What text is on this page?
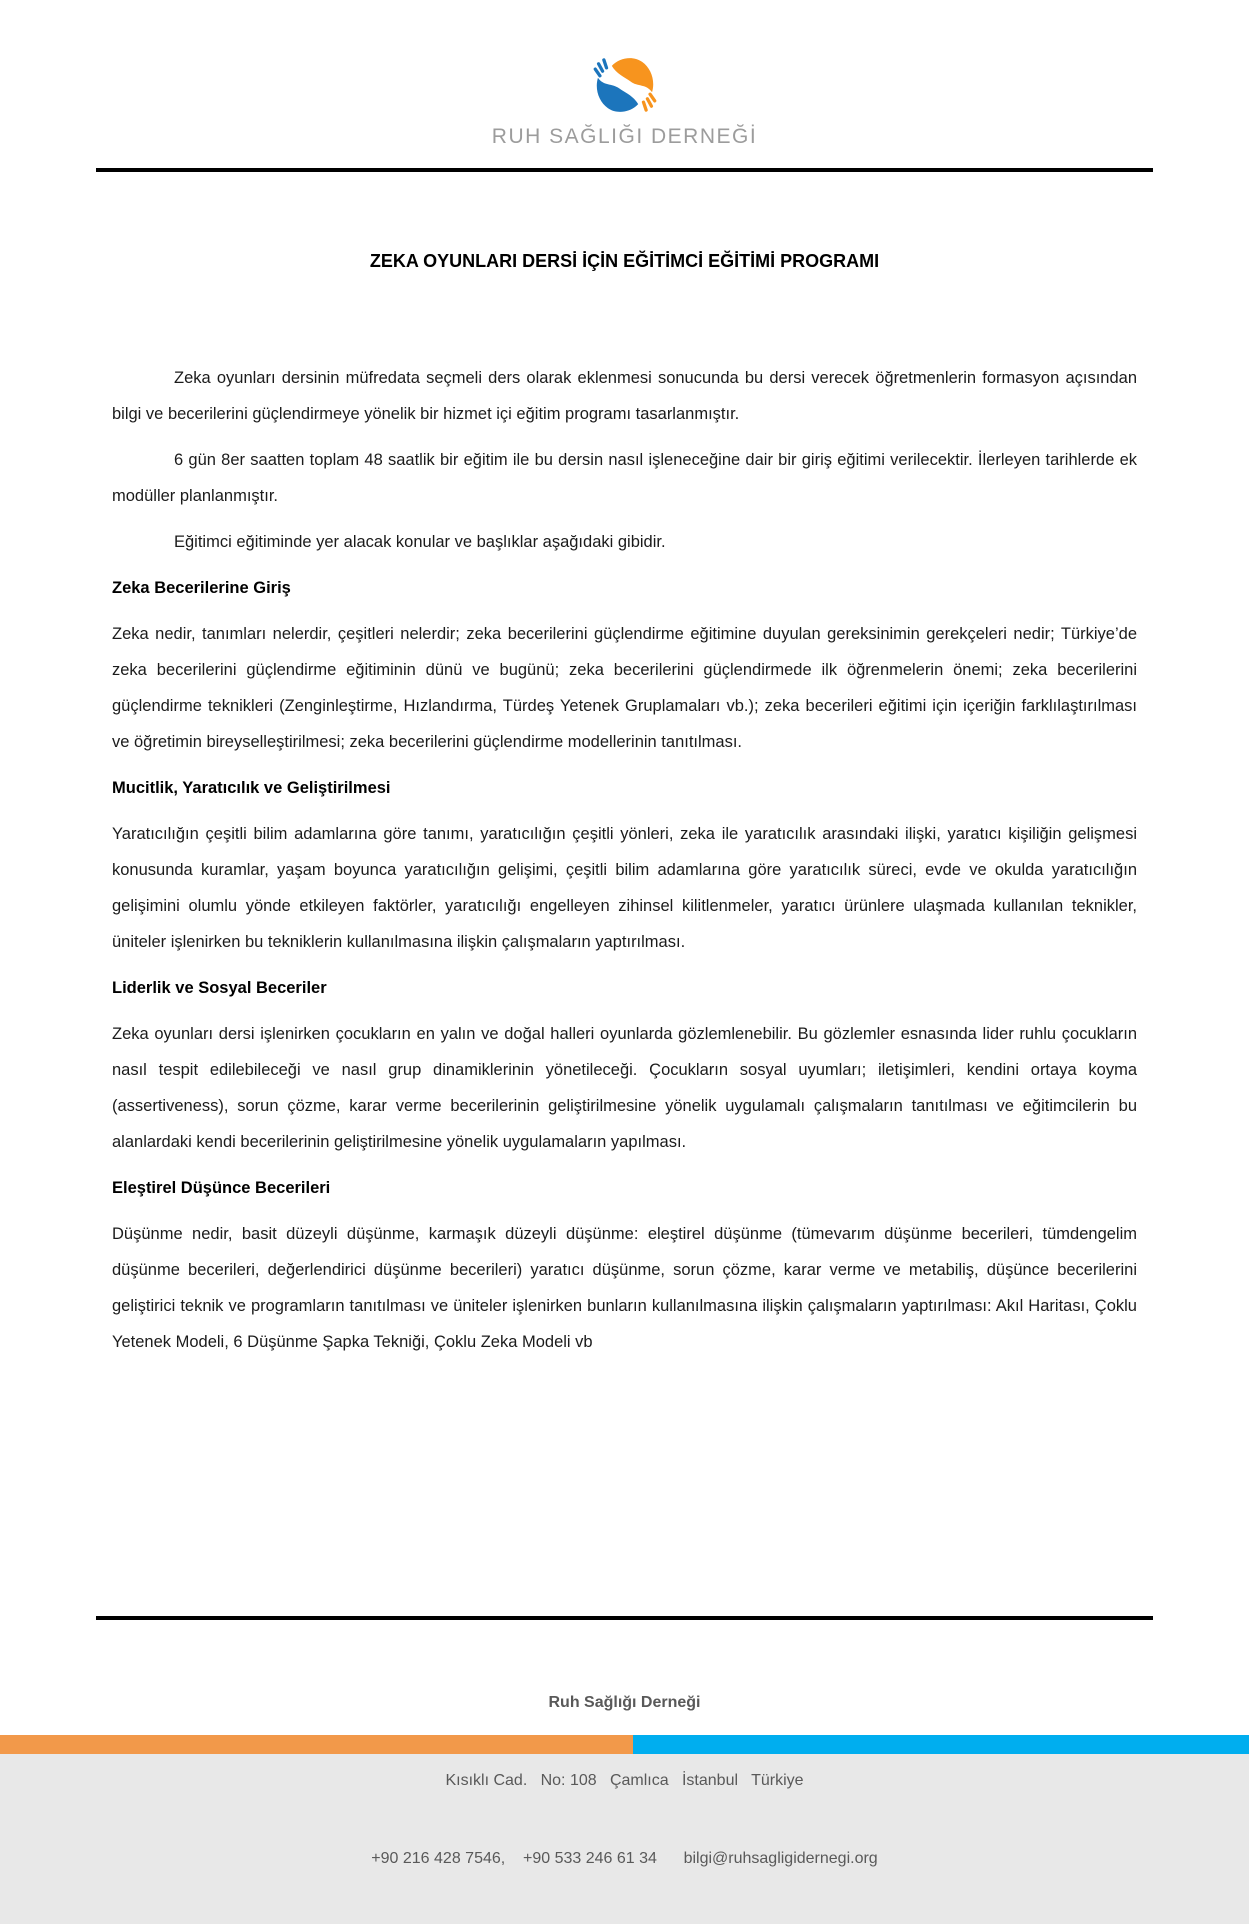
RUH SAĞLIĞI DERNEĞİ
ZEKA OYUNLARI DERSİ İÇİN EĞİTİMCİ EĞİTİMİ PROGRAMI

Zeka oyunları dersinin müfredata seçmeli ders olarak eklenmesi sonucunda bu dersi verecek öğretmenlerin formasyon açısından bilgi ve becerilerini güçlendirmeye yönelik bir hizmet içi eğitim programı tasarlanmıştır.

6 gün 8er saatten toplam 48 saatlik bir eğitim ile bu dersin nasıl işleneceğine dair bir giriş eğitimi verilecektir. İlerleyen tarihlerde ek modüller planlanmıştır.

Eğitimci eğitiminde yer alacak konular ve başlıklar aşağıdaki gibidir.

Zeka Becerilerine Giriş

Zeka nedir, tanımları nelerdir, çeşitleri nelerdir; zeka becerilerini güçlendirme eğitimine duyulan gereksinimin gerekçeleri nedir; Türkiye’de zeka becerilerini güçlendirme eğitiminin dünü ve bugünü; zeka becerilerini güçlendirmede ilk öğrenmelerin önemi; zeka becerilerini güçlendirme teknikleri (Zenginleştirme, Hızlandırma, Türdeş Yetenek Gruplamaları vb.); zeka becerileri eğitimi için içeriğin farklılaştırılması ve öğretimin bireyselleştirilmesi; zeka becerilerini güçlendirme modellerinin tanıtılması.

Mucitlik, Yaratıcılık ve Geliştirilmesi

Yaratıcılığın çeşitli bilim adamlarına göre tanımı, yaratıcılığın çeşitli yönleri, zeka ile yaratıcılık arasındaki ilişki, yaratıcı kişiliğin gelişmesi konusunda kuramlar, yaşam boyunca yaratıcılığın gelişimi, çeşitli bilim adamlarına göre yaratıcılık süreci, evde ve okulda yaratıcılığın gelişimini olumlu yönde etkileyen faktörler, yaratıcılığı engelleyen zihinsel kilitlenmeler, yaratıcı ürünlere ulaşmada kullanılan teknikler, üniteler işlenirken bu tekniklerin kullanılmasına ilişkin çalışmaların yaptırılması.

Liderlik ve Sosyal Beceriler

Zeka oyunları dersi işlenirken çocukların en yalın ve doğal halleri oyunlarda gözlemlenebilir. Bu gözlemler esnasında lider ruhlu çocukların nasıl tespit edilebileceği ve nasıl grup dinamiklerinin yönetileceği. Çocukların sosyal uyumları; iletişimleri, kendini ortaya koyma (assertiveness), sorun çözme, karar verme becerilerinin geliştirilmesine yönelik uygulamalı çalışmaların tanıtılması ve eğitimcilerin bu alanlardaki kendi becerilerinin geliştirilmesine yönelik uygulamaların yapılması.

Eleştirel Düşünce Becerileri

Düşünme nedir, basit düzeyli düşünme, karmaşık düzeyli düşünme: eleştirel düşünme (tümevarım düşünme becerileri, tümdengelim düşünme becerileri, değerlendirici düşünme becerileri) yaratıcı düşünme, sorun çözme, karar verme ve metabiliş, düşünce becerilerini geliştirici teknik ve programların tanıtılması ve üniteler işlenirken bunların kullanılmasına ilişkin çalışmaların yaptırılması: Akıl Haritası, Çoklu Yetenek Modeli, 6 Düşünme Şapka Tekniği, Çoklu Zeka Modeli vb

Ruh Sağlığı Derneği

Kısıklı Cad.   No: 108   Çamlıca   İstanbul   Türkiye

+90 216 428 7546,    +90 533 246 61 34      bilgi@ruhsagligidernegi.org
